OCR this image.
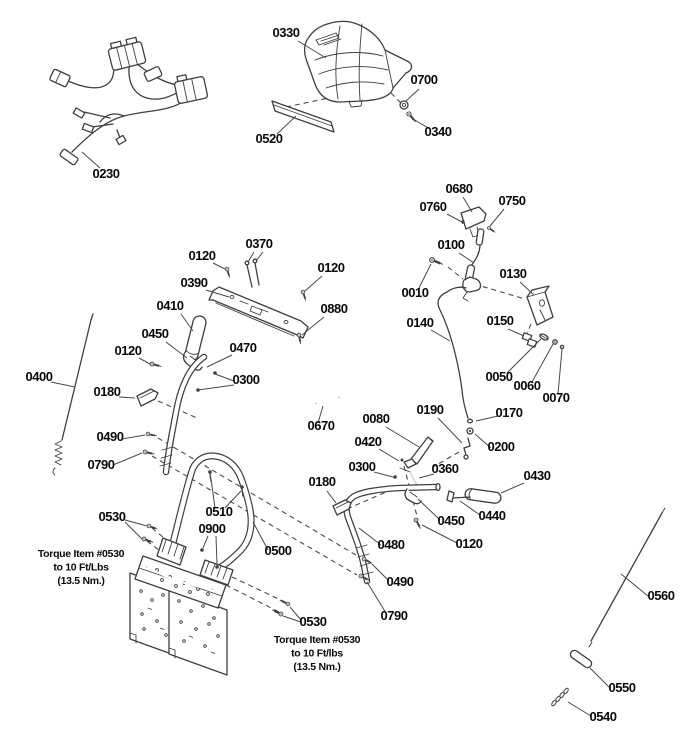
0230
0330
0520
0700
0340
0680
0760	0750
0100
0010
0130
0140	0150
0050
0060
0070
0190	0170
0200
0080
0420
0300	0360
0180	0430
0440
0450
0120
0480
0490
0790
0530
0370
0120
0120
0390
0410	0880
0450
0120	0470
0300
0180
0400
0490
0790
0510
0900
0500
0530
0670
0560
0550
0540
Torque Item #0530
to 10 Ft/Lbs
(13.5 Nm.)
Torque Item #0530
to 10 Ft/lbs
(13.5 Nm.)
